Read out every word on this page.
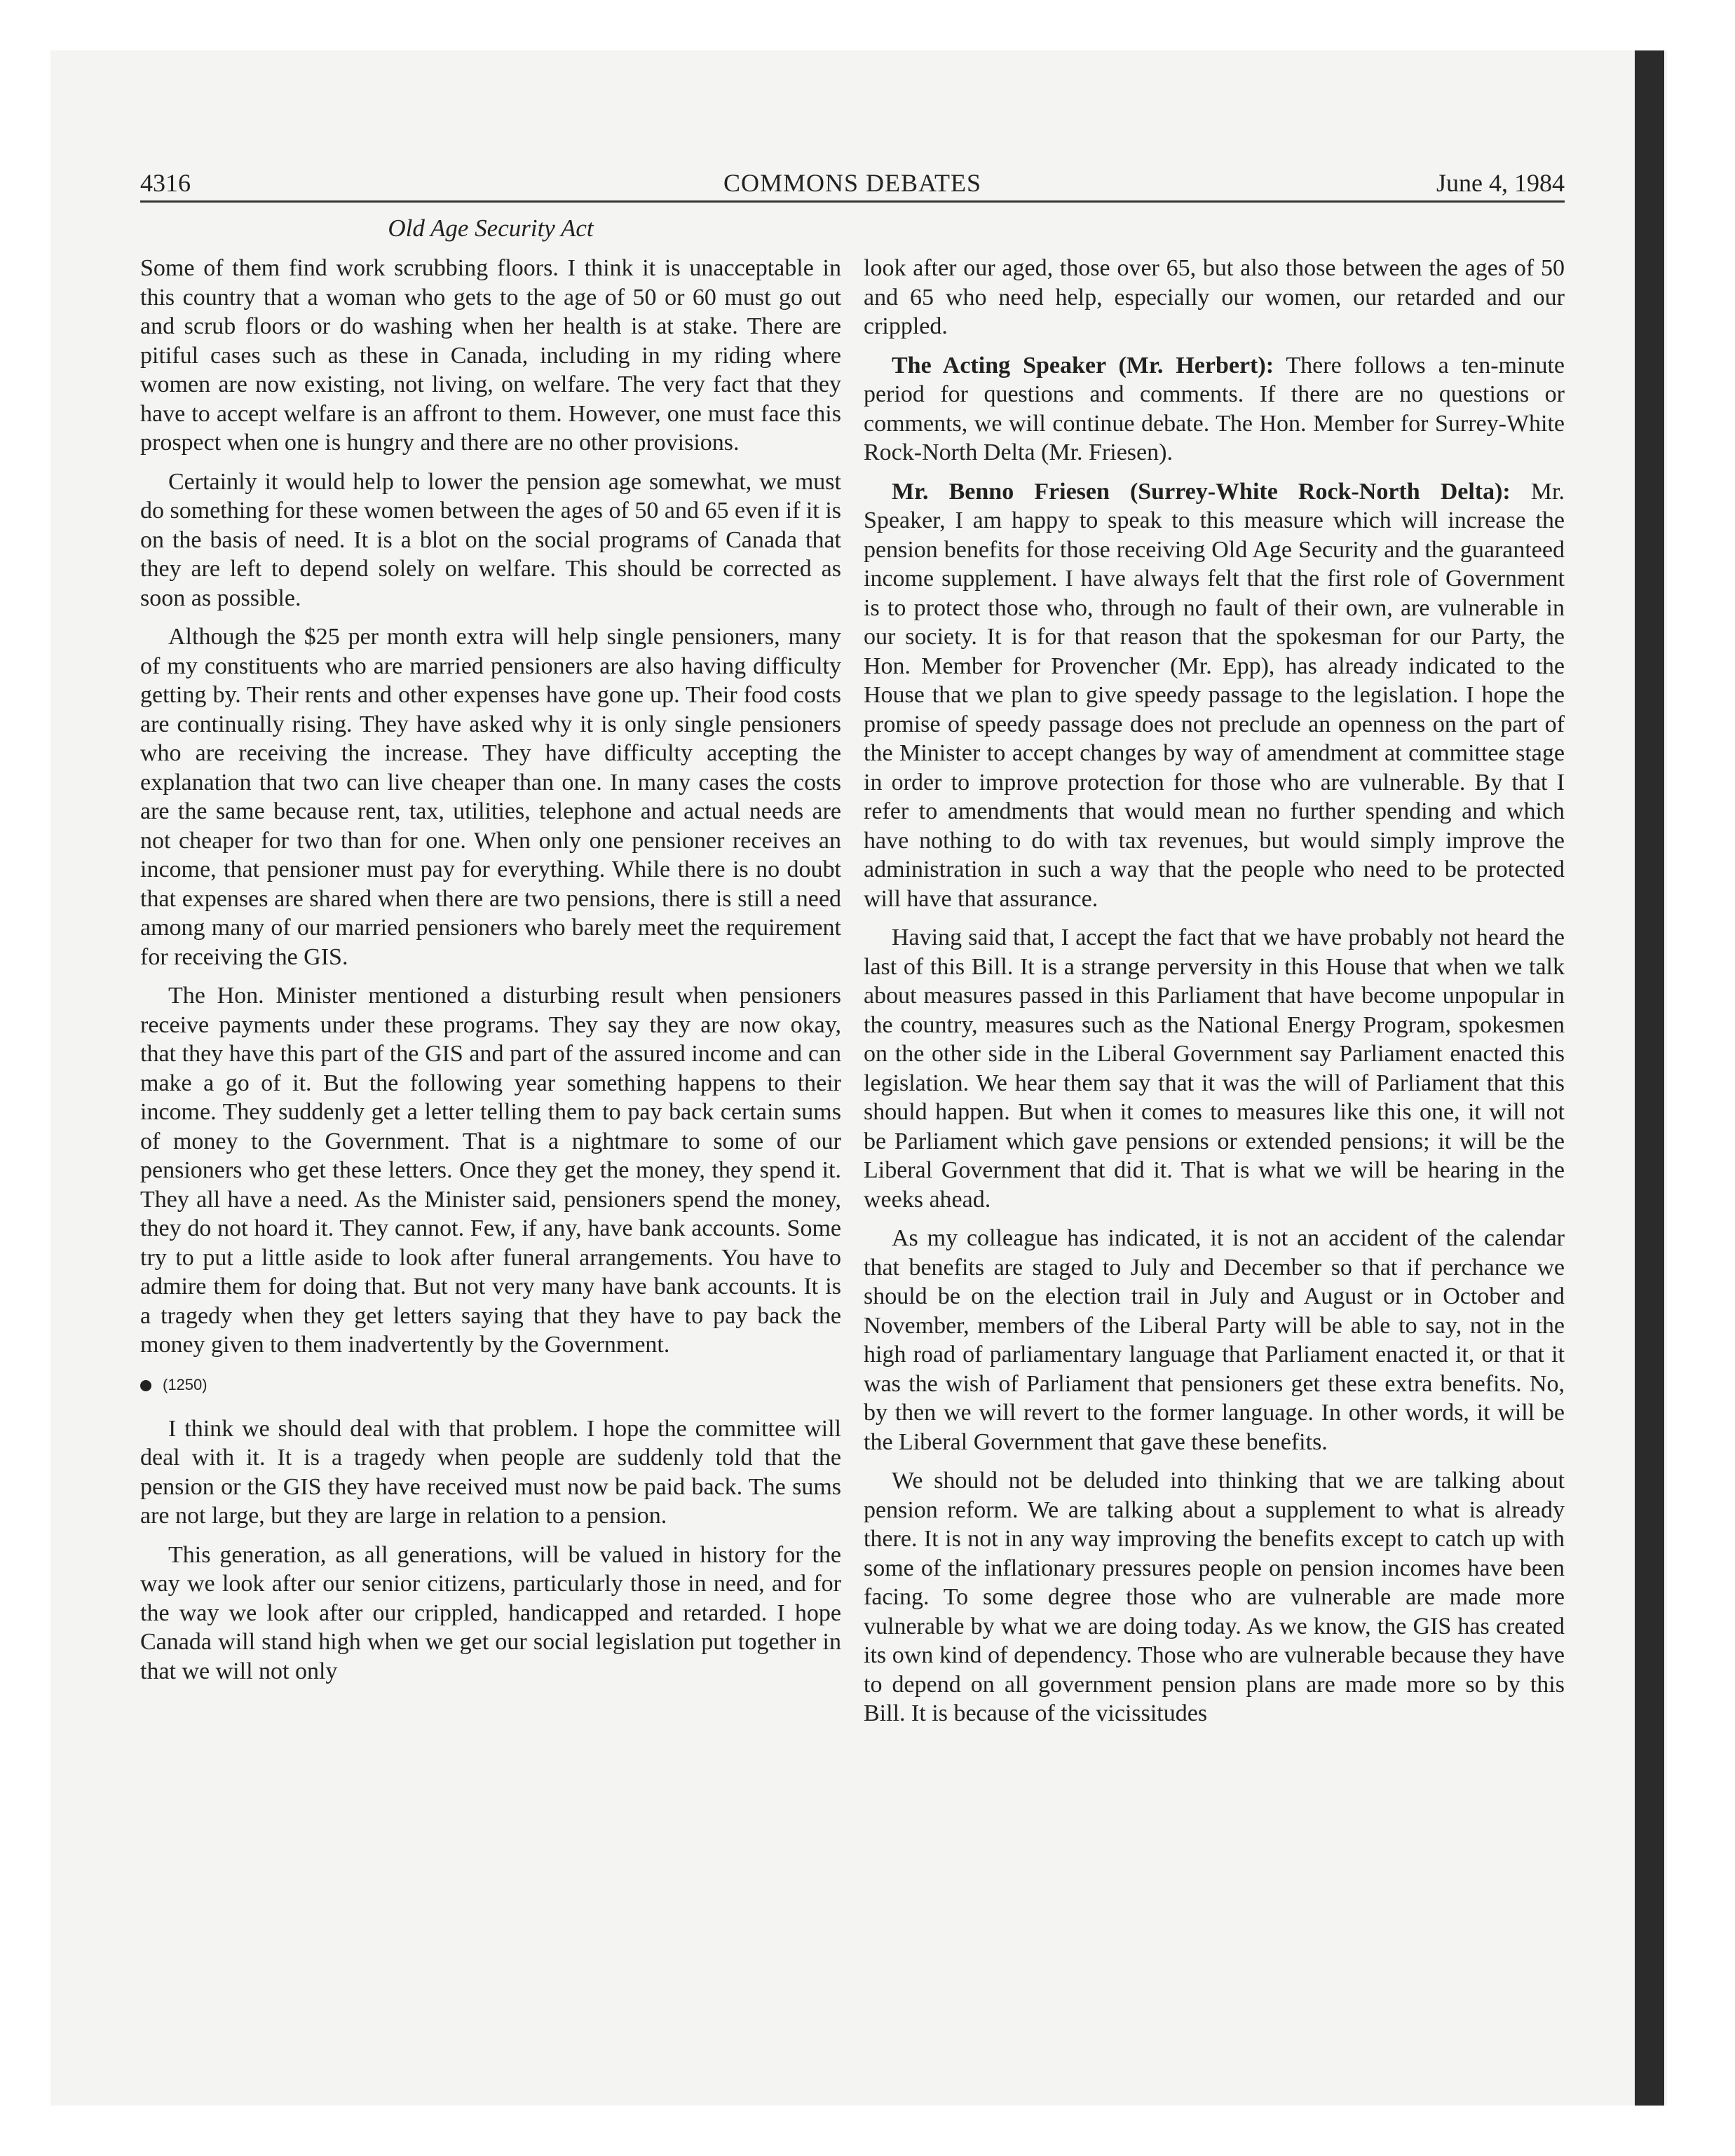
4316	COMMONS DEBATES	June 4, 1984
Old Age Security Act

Some of them find work scrubbing floors. I think it is unacceptable in this country that a woman who gets to the age of 50 or 60 must go out and scrub floors or do washing when her health is at stake. There are pitiful cases such as these in Canada, including in my riding where women are now existing, not living, on welfare. The very fact that they have to accept welfare is an affront to them. However, one must face this prospect when one is hungry and there are no other provisions.

Certainly it would help to lower the pension age somewhat, we must do something for these women between the ages of 50 and 65 even if it is on the basis of need. It is a blot on the social programs of Canada that they are left to depend solely on welfare. This should be corrected as soon as possible.

Although the $25 per month extra will help single pensioners, many of my constituents who are married pensioners are also having difficulty getting by. Their rents and other expenses have gone up. Their food costs are continually rising. They have asked why it is only single pensioners who are receiving the increase. They have difficulty accepting the explanation that two can live cheaper than one. In many cases the costs are the same because rent, tax, utilities, telephone and actual needs are not cheaper for two than for one. When only one pensioner receives an income, that pensioner must pay for everything. While there is no doubt that expenses are shared when there are two pensions, there is still a need among many of our married pensioners who barely meet the requirement for receiving the GIS.

The Hon. Minister mentioned a disturbing result when pensioners receive payments under these programs. They say they are now okay, that they have this part of the GIS and part of the assured income and can make a go of it. But the following year something happens to their income. They suddenly get a letter telling them to pay back certain sums of money to the Government. That is a nightmare to some of our pensioners who get these letters. Once they get the money, they spend it. They all have a need. As the Minister said, pensioners spend the money, they do not hoard it. They cannot. Few, if any, have bank accounts. Some try to put a little aside to look after funeral arrangements. You have to admire them for doing that. But not very many have bank accounts. It is a tragedy when they get letters saying that they have to pay back the money given to them inadvertently by the Government.

(1250)

I think we should deal with that problem. I hope the committee will deal with it. It is a tragedy when people are suddenly told that the pension or the GIS they have received must now be paid back. The sums are not large, but they are large in relation to a pension.

This generation, as all generations, will be valued in history for the way we look after our senior citizens, particularly those in need, and for the way we look after our crippled, handicapped and retarded. I hope Canada will stand high when we get our social legislation put together in that we will not only

look after our aged, those over 65, but also those between the ages of 50 and 65 who need help, especially our women, our retarded and our crippled.

The Acting Speaker (Mr. Herbert): There follows a ten-minute period for questions and comments. If there are no questions or comments, we will continue debate. The Hon. Member for Surrey-White Rock-North Delta (Mr. Friesen).

Mr. Benno Friesen (Surrey-White Rock-North Delta): Mr. Speaker, I am happy to speak to this measure which will increase the pension benefits for those receiving Old Age Security and the guaranteed income supplement. I have always felt that the first role of Government is to protect those who, through no fault of their own, are vulnerable in our society. It is for that reason that the spokesman for our Party, the Hon. Member for Provencher (Mr. Epp), has already indicated to the House that we plan to give speedy passage to the legislation. I hope the promise of speedy passage does not preclude an openness on the part of the Minister to accept changes by way of amendment at committee stage in order to improve protection for those who are vulnerable. By that I refer to amendments that would mean no further spending and which have nothing to do with tax revenues, but would simply improve the administration in such a way that the people who need to be protected will have that assurance.

Having said that, I accept the fact that we have probably not heard the last of this Bill. It is a strange perversity in this House that when we talk about measures passed in this Parliament that have become unpopular in the country, measures such as the National Energy Program, spokesmen on the other side in the Liberal Government say Parliament enacted this legislation. We hear them say that it was the will of Parliament that this should happen. But when it comes to measures like this one, it will not be Parliament which gave pensions or extended pensions; it will be the Liberal Government that did it. That is what we will be hearing in the weeks ahead.

As my colleague has indicated, it is not an accident of the calendar that benefits are staged to July and December so that if perchance we should be on the election trail in July and August or in October and November, members of the Liberal Party will be able to say, not in the high road of parliamentary language that Parliament enacted it, or that it was the wish of Parliament that pensioners get these extra benefits. No, by then we will revert to the former language. In other words, it will be the Liberal Government that gave these benefits.

We should not be deluded into thinking that we are talking about pension reform. We are talking about a supplement to what is already there. It is not in any way improving the benefits except to catch up with some of the inflationary pressures people on pension incomes have been facing. To some degree those who are vulnerable are made more vulnerable by what we are doing today. As we know, the GIS has created its own kind of dependency. Those who are vulnerable because they have to depend on all government pension plans are made more so by this Bill. It is because of the vicissitudes
